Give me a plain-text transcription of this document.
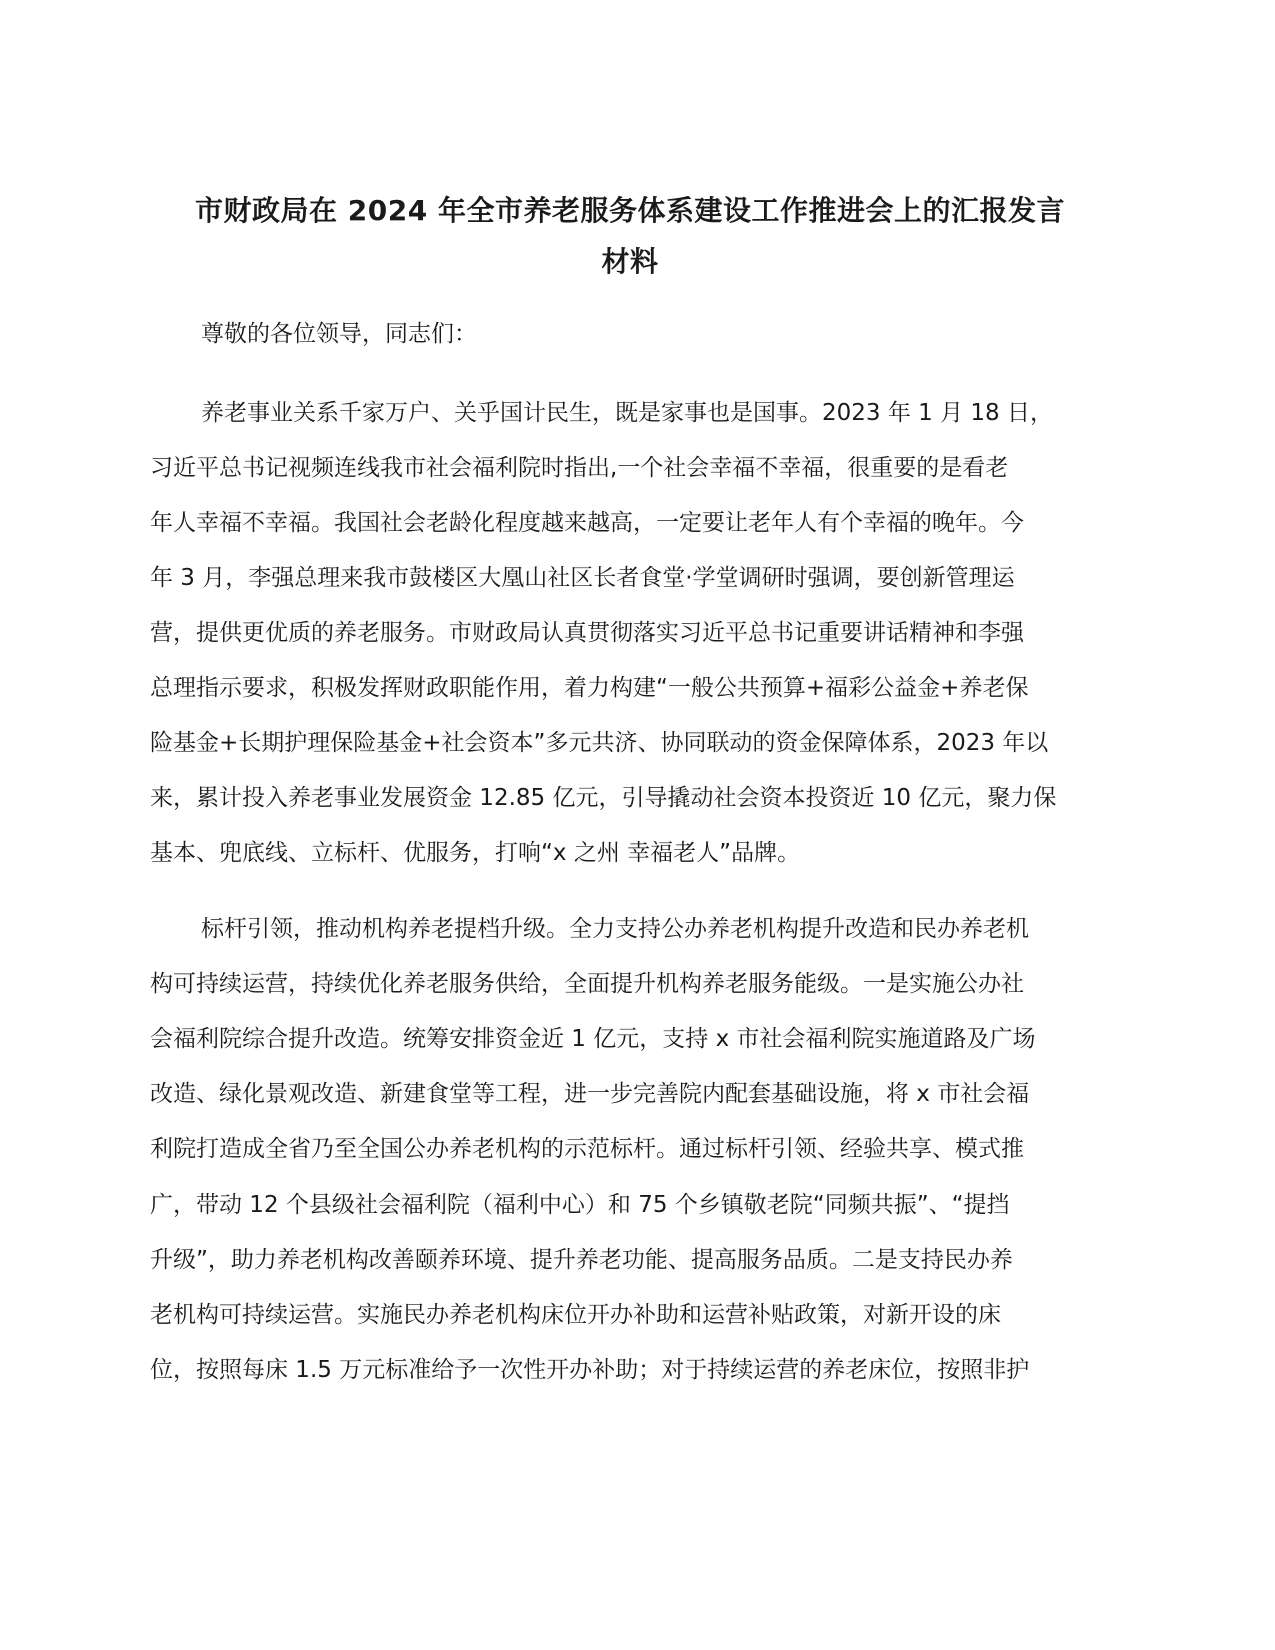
市财政局在 2024 年全市养老服务体系建设工作推进会上的汇报发言
材料

尊敬的各位领导，同志们：

养老事业关系千家万户、关乎国计民生，既是家事也是国事。2023 年 1 月 18 日，

习近平总书记视频连线我市社会福利院时指出,一个社会幸福不幸福，很重要的是看老

年人幸福不幸福。我国社会老龄化程度越来越高，一定要让老年人有个幸福的晚年。今

年 3 月，李强总理来我市鼓楼区大凰山社区长者食堂·学堂调研时强调，要创新管理运

营，提供更优质的养老服务。市财政局认真贯彻落实习近平总书记重要讲话精神和李强

总理指示要求，积极发挥财政职能作用，着力构建“一般公共预算+福彩公益金+养老保

险基金+长期护理保险基金+社会资本”多元共济、协同联动的资金保障体系，2023 年以

来，累计投入养老事业发展资金 12.85 亿元，引导撬动社会资本投资近 10 亿元，聚力保

基本、兜底线、立标杆、优服务，打响“x 之州 幸福老人”品牌。

标杆引领，推动机构养老提档升级。全力支持公办养老机构提升改造和民办养老机

构可持续运营，持续优化养老服务供给，全面提升机构养老服务能级。一是实施公办社

会福利院综合提升改造。统筹安排资金近 1 亿元，支持 x 市社会福利院实施道路及广场

改造、绿化景观改造、新建食堂等工程，进一步完善院内配套基础设施，将 x 市社会福

利院打造成全省乃至全国公办养老机构的示范标杆。通过标杆引领、经验共享、模式推

广，带动 12 个县级社会福利院（福利中心）和 75 个乡镇敬老院“同频共振”、“提挡

升级”，助力养老机构改善颐养环境、提升养老功能、提高服务品质。二是支持民办养

老机构可持续运营。实施民办养老机构床位开办补助和运营补贴政策，对新开设的床

位，按照每床 1.5 万元标准给予一次性开办补助；对于持续运营的养老床位，按照非护
